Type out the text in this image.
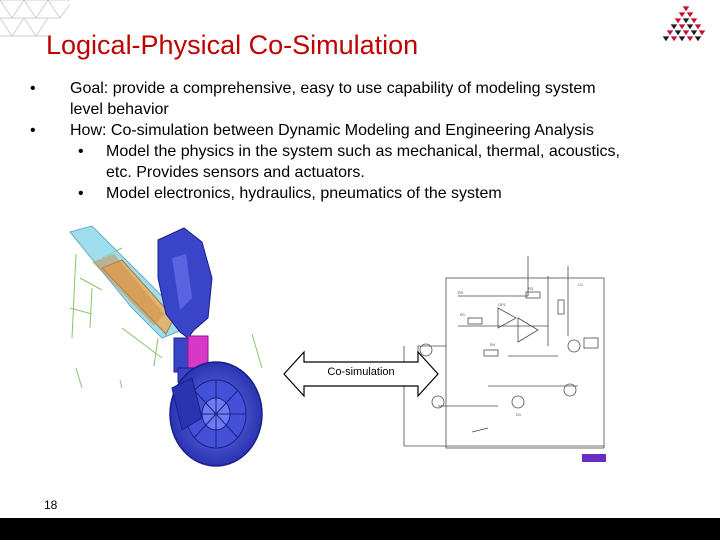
Logical-Physical Co-Simulation
• Goal: provide a comprehensive, easy to use capability of modeling system level behavior
• How: Co-simulation between Dynamic Modeling and Engineering Analysis
• Model the physics in the system such as mechanical, thermal, acoustics, etc. Provides sensors and actuators.
• Model electronics, hydraulics, pneumatics of the system
R2
OP1
R3
R1
R4
C1
D1
Co-simulation
18
